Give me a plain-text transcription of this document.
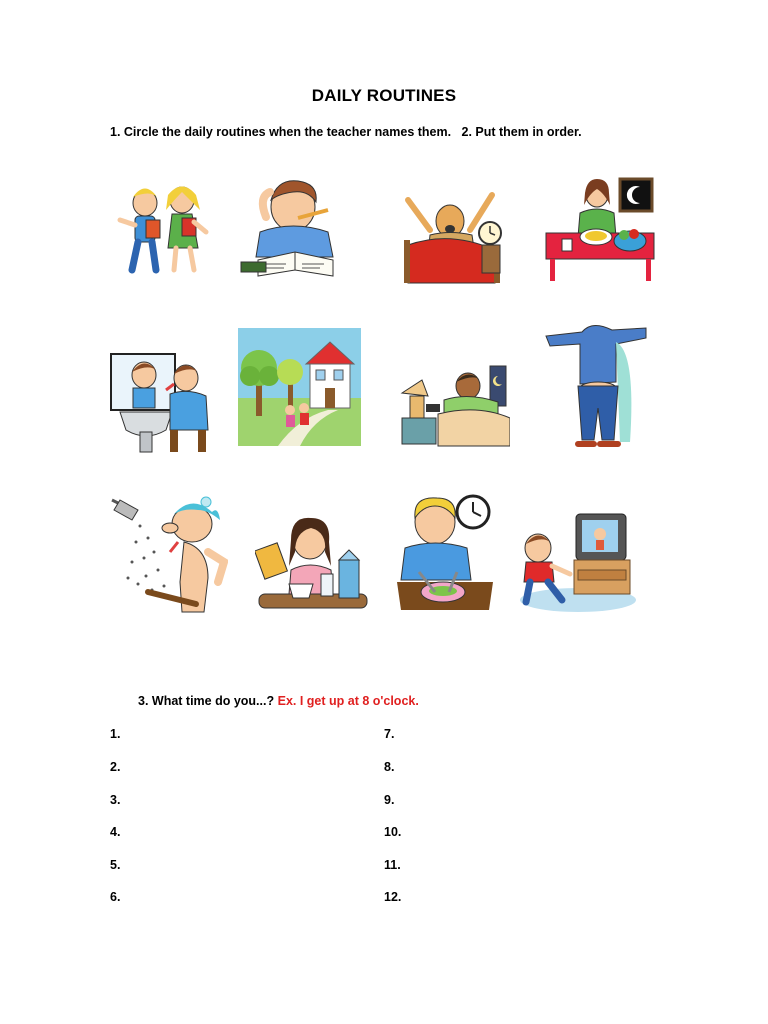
DAILY ROUTINES
1. Circle the daily routines when the teacher names them.   2. Put them in order.
3. What time do you...? Ex. I get up at 8 o'clock.
1.
2.
3.
4.
5.
6.
7.
8.
9.
10.
11.
12.
